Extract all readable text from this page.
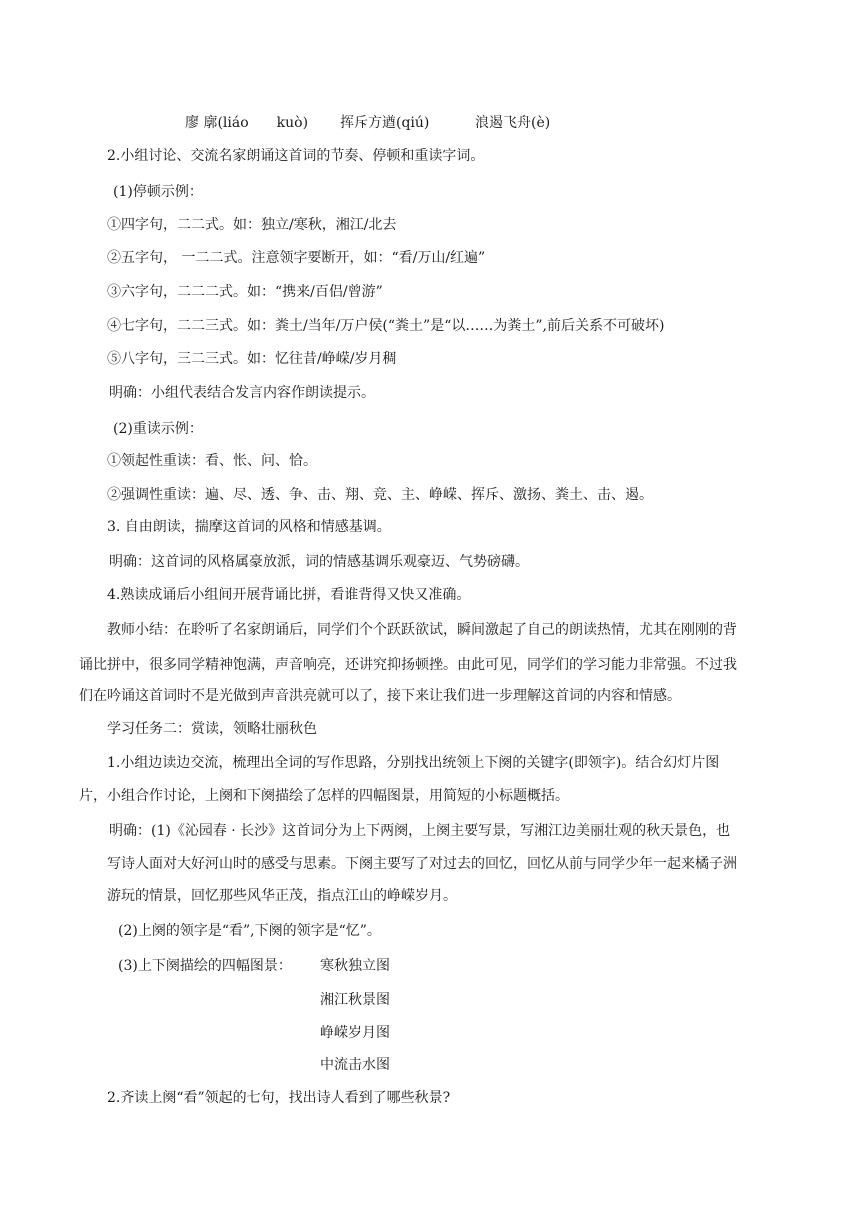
廖 廓(liáo　　kuò) 挥斥方遒(qiú)	浪遏飞舟(è)
2.小组讨论、交流名家朗诵这首词的节奏、停顿和重读字词。
(1)停顿示例：
①四字句，二二式。如：独立/寒秋，湘江/北去
②五字句， 一二二式。注意领字要断开，如：“看/万山/红遍”
③六字句，二二二式。如：“携来/百侣/曾游”
④七字句，二二三式。如：粪土/当年/万户侯(“粪土”是“以……为粪土”,前后关系不可破坏)
⑤八字句，三二三式。如：忆往昔/峥嵘/岁月稠
明确：小组代表结合发言内容作朗读提示。
(2)重读示例：
①领起性重读：看、怅、问、恰。
②强调性重读：遍、尽、透、争、击、翔、竞、主、峥嵘、挥斥、激扬、粪土、击、遏。
3. 自由朗读，揣摩这首词的风格和情感基调。
明确：这首词的风格属豪放派，词的情感基调乐观豪迈、气势磅礴。
4.熟读成诵后小组间开展背诵比拼，看谁背得又快又准确。
教师小结：在聆听了名家朗诵后，同学们个个跃跃欲试，瞬间激起了自己的朗读热情，尤其在刚刚的背
诵比拼中，很多同学精神饱满，声音响亮，还讲究抑扬顿挫。由此可见，同学们的学习能力非常强。不过我
们在吟诵这首词时不是光做到声音洪亮就可以了，接下来让我们进一步理解这首词的内容和情感。
学习任务二：赏读，领略壮丽秋色
1.小组边读边交流，梳理出全词的写作思路，分别找出统领上下阕的关键字(即领字)。结合幻灯片图
片，小组合作讨论，上阕和下阕描绘了怎样的四幅图景，用简短的小标题概括。
明确：(1)《沁园春 · 长沙》这首词分为上下两阕，上阕主要写景，写湘江边美丽壮观的秋天景色，也
写诗人面对大好河山时的感受与思素。下阕主要写了对过去的回忆，回忆从前与同学少年一起来橘子洲
游玩的情景，回忆那些风华正茂，指点江山的峥嵘岁月。
(2)上阕的领字是“看”,下阕的领字是“忆”。
(3)上下阕描绘的四幅图景： 寒秋独立图
湘江秋景图
峥嵘岁月图
中流击水图
2.齐读上阕“看”领起的七句，找出诗人看到了哪些秋景?
